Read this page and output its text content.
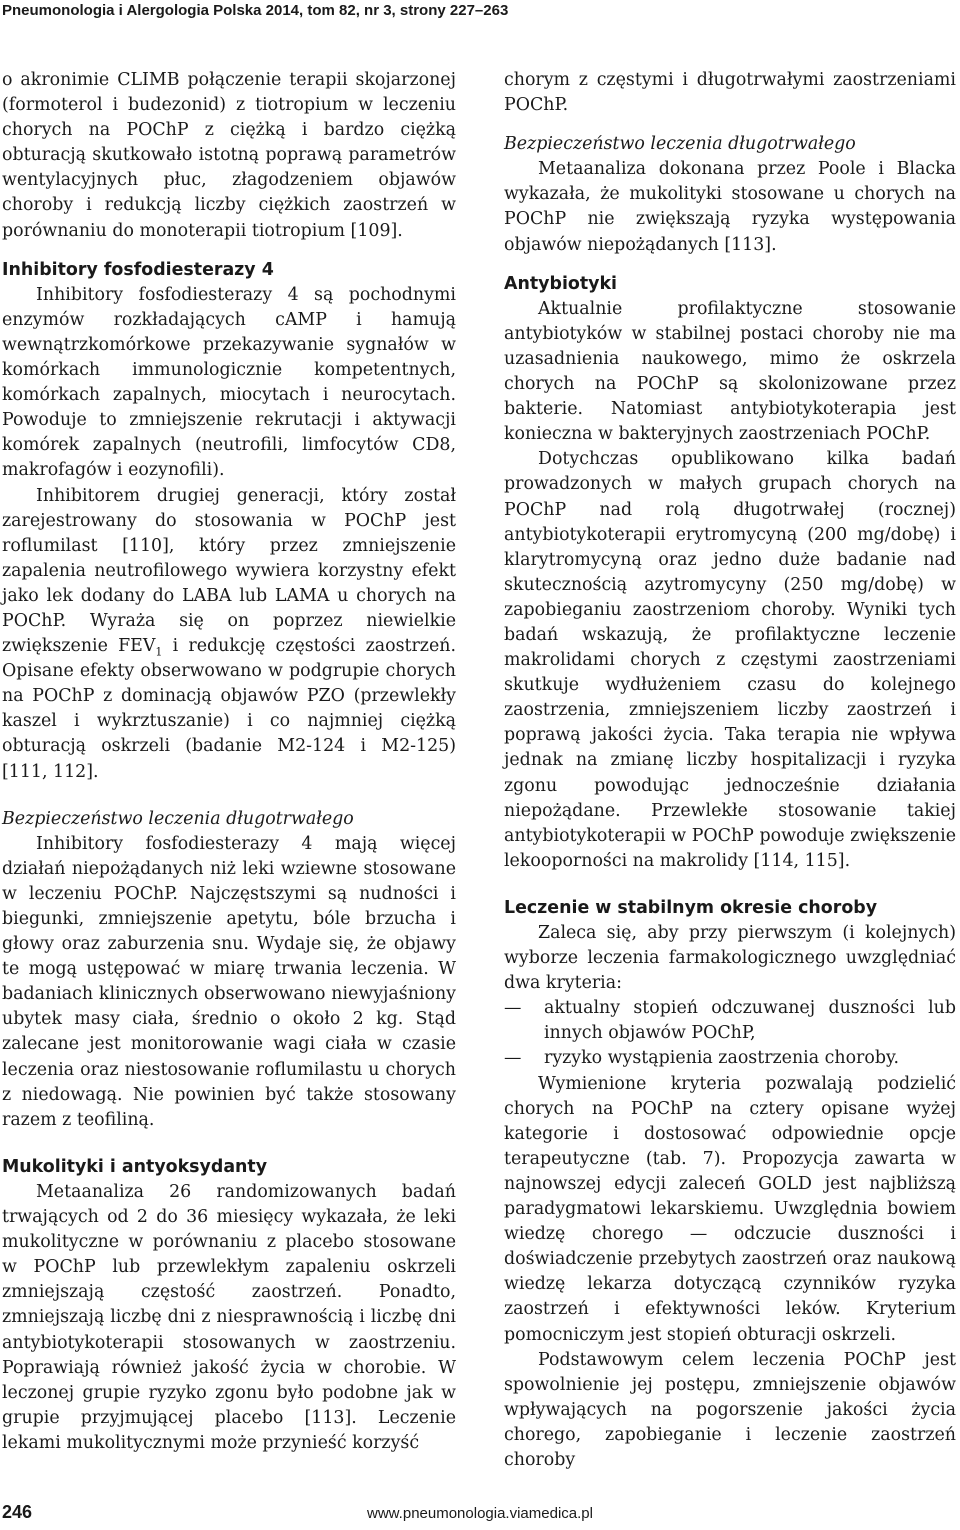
Pneumonologia i Alergologia Polska 2014, tom 82, nr 3, strony 227–263

o akronimie CLIMB połączenie terapii skojarzonej (formoterol i budezonid) z tiotropium w leczeniu chorych na POChP z ciężką i bardzo ciężką obturacją skutkowało istotną poprawą parametrów wentylacyjnych płuc, złagodzeniem objawów choroby i redukcją liczby ciężkich zaostrzeń w porównaniu do monoterapii tiotropium [109].

Inhibitory fosfodiesterazy 4

Inhibitory fosfodiesterazy 4 są pochodnymi enzymów rozkładających cAMP i hamują wewnątrzkomórkowe przekazywanie sygnałów w komórkach immunologicznie kompetentnych, komórkach zapalnych, miocytach i neurocytach. Powoduje to zmniejszenie rekrutacji i aktywacji komórek zapalnych (neutrofili, limfocytów CD8, makrofagów i eozynofili).

Inhibitorem drugiej generacji, który został zarejestrowany do stosowania w POChP jest roflumilast [110], który przez zmniejszenie zapalenia neutrofilowego wywiera korzystny efekt jako lek dodany do LABA lub LAMA u chorych na POChP. Wyraża się on poprzez niewielkie zwiększenie $FEV_1$ i redukcję częstości zaostrzeń. Opisane efekty obserwowano w podgrupie chorych na POChP z dominacją objawów PZO (przewlekły kaszel i wykrztuszanie) i co najmniej ciężką obturacją oskrzeli (badanie M2-124 i M2-125) [111, 112].

Bezpieczeństwo leczenia długotrwałego

Inhibitory fosfodiesterazy 4 mają więcej działań niepożądanych niż leki wziewne stosowane w leczeniu POChP. Najczęstszymi są nudności i biegunki, zmniejszenie apetytu, bóle brzucha i głowy oraz zaburzenia snu. Wydaje się, że objawy te mogą ustępować w miarę trwania leczenia. W badaniach klinicznych obserwowano niewyjaśniony ubytek masy ciała, średnio o około 2 kg. Stąd zalecane jest monitorowanie wagi ciała w czasie leczenia oraz niestosowanie roflumilastu u chorych z niedowagą. Nie powinien być także stosowany razem z teofiliną.

Mukolityki i antyoksydanty

Metaanaliza 26 randomizowanych badań trwających od 2 do 36 miesięcy wykazała, że leki mukolityczne w porównaniu z placebo stosowane w POChP lub przewlekłym zapaleniu oskrzeli zmniejszają częstość zaostrzeń. Ponadto, zmniejszają liczbę dni z niesprawnością i liczbę dni antybiotykoterapii stosowanych w zaostrzeniu. Poprawiają również jakość życia w chorobie. W leczonej grupie ryzyko zgonu było podobne jak w grupie przyjmującej placebo [113]. Leczenie lekami mukolitycznymi może przynieść korzyść

chorym z częstymi i długotrwałymi zaostrzeniami POChP.

Bezpieczeństwo leczenia długotrwałego

Metaanaliza dokonana przez Poole i Blacka wykazała, że mukolityki stosowane u chorych na POChP nie zwiększają ryzyka występowania objawów niepożądanych [113].

Antybiotyki

Aktualnie profilaktyczne stosowanie antybiotyków w stabilnej postaci choroby nie ma uzasadnienia naukowego, mimo że oskrzela chorych na POChP są skolonizowane przez bakterie. Natomiast antybiotykoterapia jest konieczna w bakteryjnych zaostrzeniach POChP.

Dotychczas opublikowano kilka badań prowadzonych w małych grupach chorych na POChP nad rolą długotrwałej (rocznej) antybiotykoterapii erytromycyną (200 mg/dobę) i klarytromycyną oraz jedno duże badanie nad skutecznością azytromycyny (250 mg/dobę) w zapobieganiu zaostrzeniom choroby. Wyniki tych badań wskazują, że profilaktyczne leczenie makrolidami chorych z częstymi zaostrzeniami skutkuje wydłużeniem czasu do kolejnego zaostrzenia, zmniejszeniem liczby zaostrzeń i poprawą jakości życia. Taka terapia nie wpływa jednak na zmianę liczby hospitalizacji i ryzyka zgonu powodując jednocześnie działania niepożądane. Przewlekłe stosowanie takiej antybiotykoterapii w POChP powoduje zwiększenie lekooporności na makrolidy [114, 115].

Leczenie w stabilnym okresie choroby

Zaleca się, aby przy pierwszym (i kolejnych) wyborze leczenia farmakologicznego uwzględniać dwa kryteria:

— aktualny stopień odczuwanej duszności lub innych objawów POChP,
— ryzyko wystąpienia zaostrzenia choroby.

Wymienione kryteria pozwalają podzielić chorych na POChP na cztery opisane wyżej kategorie i dostosować odpowiednie opcje terapeutyczne (tab. 7). Propozycja zawarta w najnowszej edycji zaleceń GOLD jest najbliższą paradygmatowi lekarskiemu. Uwzględnia bowiem wiedzę chorego — odczucie duszności i doświadczenie przebytych zaostrzeń oraz naukową wiedzę lekarza dotyczącą czynników ryzyka zaostrzeń i efektywności leków. Kryterium pomocniczym jest stopień obturacji oskrzeli.

Podstawowym celem leczenia POChP jest spowolnienie jej postępu, zmniejszenie objawów wpływających na pogorszenie jakości życia chorego, zapobieganie i leczenie zaostrzeń choroby

246	www.pneumonologia.viamedica.pl
